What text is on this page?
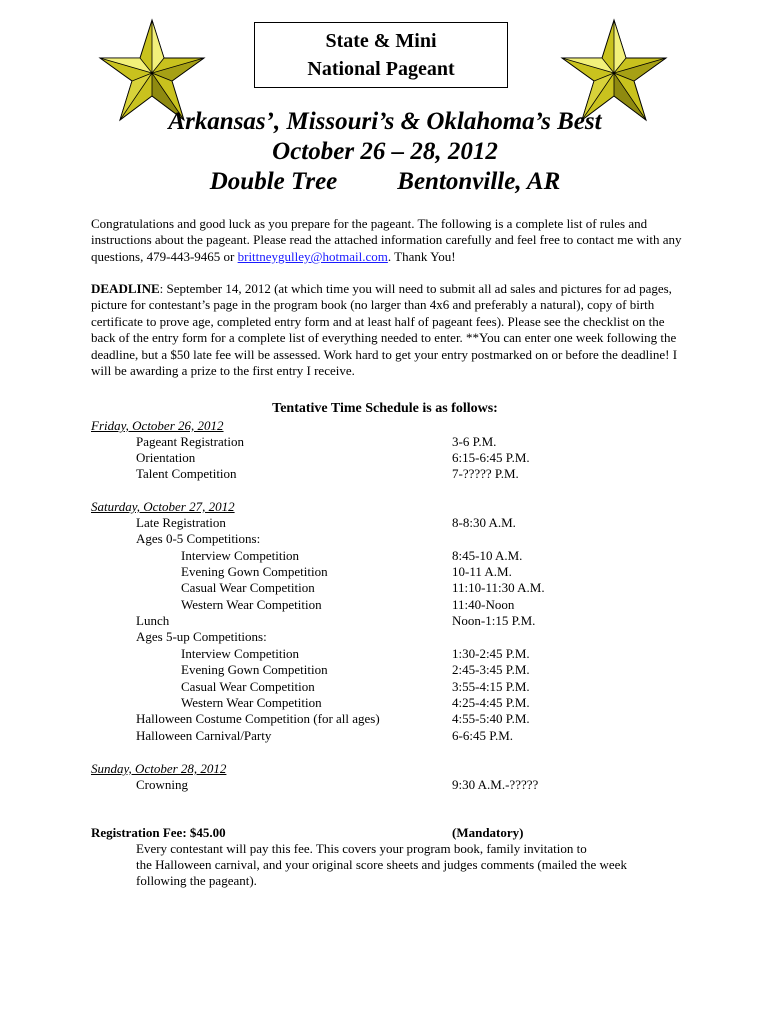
State & Mini
National Pageant
Arkansas’, Missouri’s & Oklahoma’s Best
October 26 – 28, 2012
Double Tree Bentonville, AR
Congratulations and good luck as you prepare for the pageant. The following is a complete list of rules and instructions about the pageant. Please read the attached information carefully and feel free to contact me with any questions, 479-443-9465 or brittneygulley@hotmail.com. Thank You!
DEADLINE: September 14, 2012 (at which time you will need to submit all ad sales and pictures for ad pages, picture for contestant’s page in the program book (no larger than 4x6 and preferably a natural), copy of birth certificate to prove age, completed entry form and at least half of pageant fees). Please see the checklist on the back of the entry form for a complete list of everything needed to enter. **You can enter one week following the deadline, but a $50 late fee will be assessed. Work hard to get your entry postmarked on or before the deadline! I will be awarding a prize to the first entry I receive.
Tentative Time Schedule is as follows:
Friday, October 26, 2012
Pageant Registration	3-6 P.M.
Orientation	6:15-6:45 P.M.
Talent Competition	7-????? P.M.
Saturday, October 27, 2012
Late Registration	8-8:30 A.M.
Ages 0-5 Competitions:
Interview Competition	8:45-10 A.M.
Evening Gown Competition	10-11 A.M.
Casual Wear Competition	11:10-11:30 A.M.
Western Wear Competition	11:40-Noon
Lunch	Noon-1:15 P.M.
Ages 5-up Competitions:
Interview Competition	1:30-2:45 P.M.
Evening Gown Competition	2:45-3:45 P.M.
Casual Wear Competition	3:55-4:15 P.M.
Western Wear Competition	4:25-4:45 P.M.
Halloween Costume Competition (for all ages)	4:55-5:40 P.M.
Halloween Carnival/Party	6-6:45 P.M.
Sunday, October 28, 2012
Crowning	9:30 A.M.-?????
Registration Fee: $45.00	(Mandatory)
Every contestant will pay this fee. This covers your program book, family invitation to
the Halloween carnival, and your original score sheets and judges comments (mailed the week
following the pageant).
